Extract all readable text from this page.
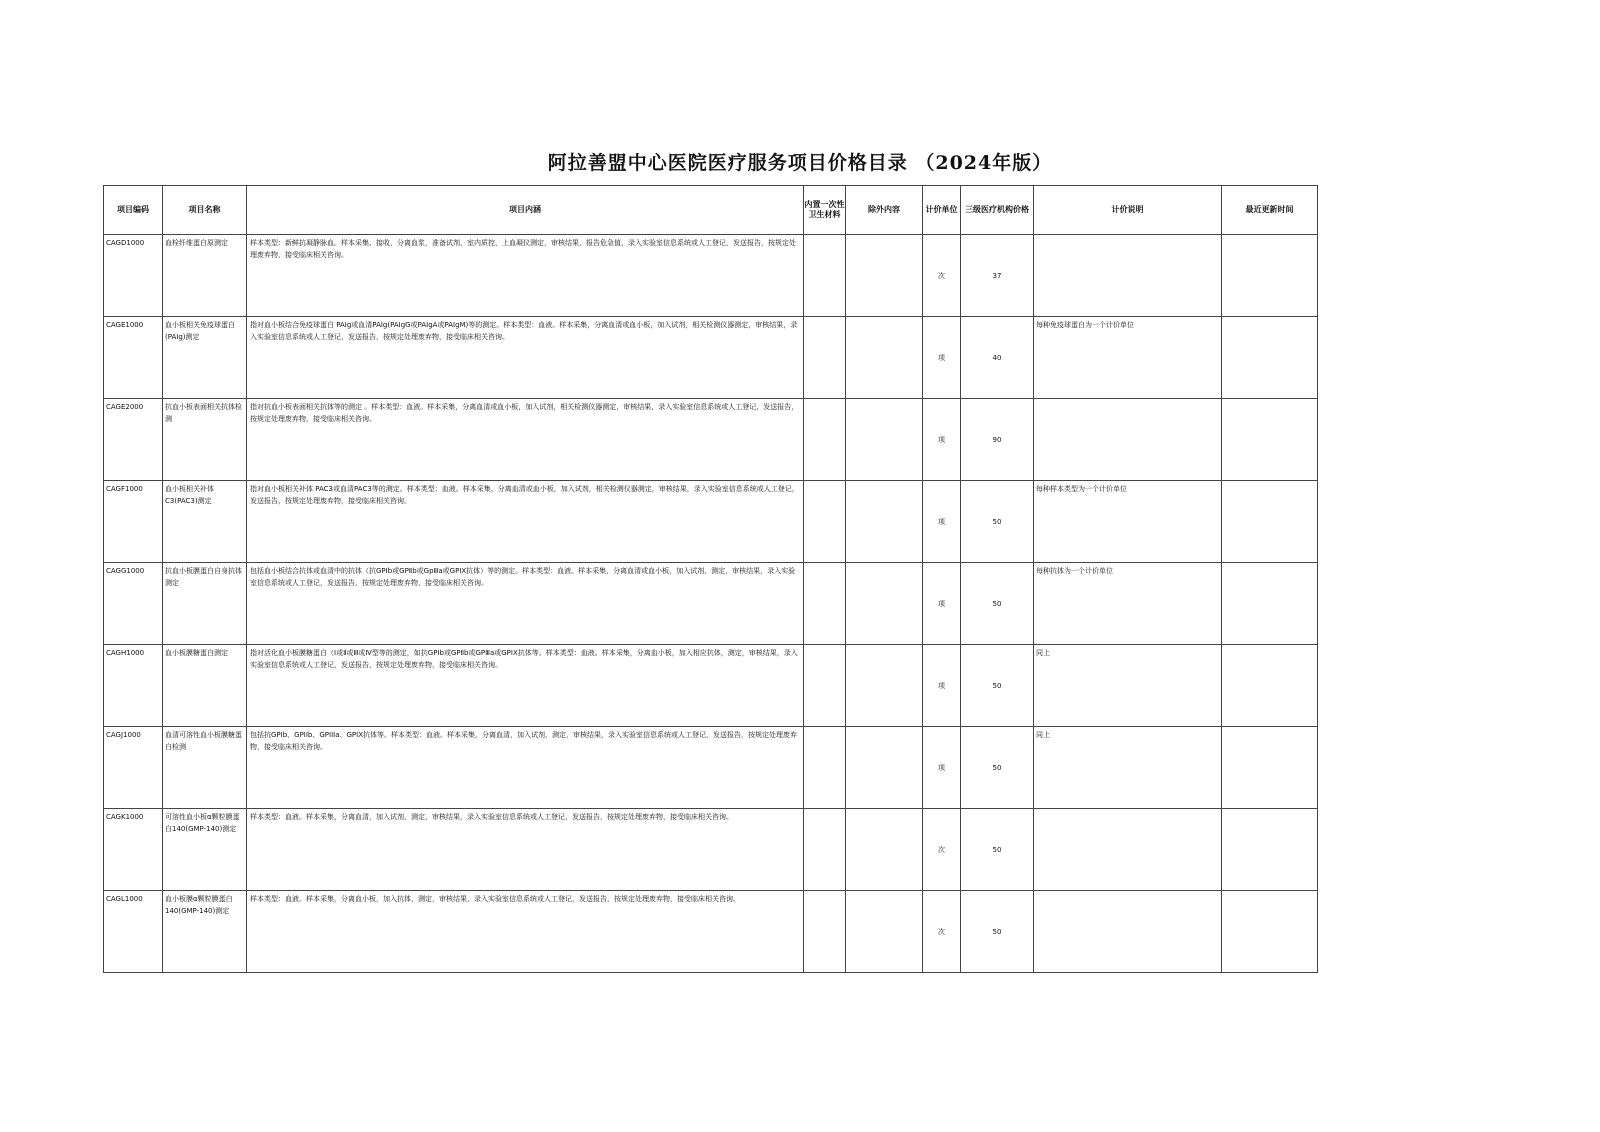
阿拉善盟中心医院医疗服务项目价格目录 （2024年版）
项目编码	项目名称	项目内涵	内置一次性卫生材料	除外内容	计价单位	三级医疗机构价格	计价说明	最近更新时间
CAGD1000	血栓纤维蛋白原测定	样本类型：新鲜抗凝静脉血。样本采集、接收，分离血浆，准备试剂，室内质控，上血凝仪测定，审核结果，报告危急值，录入实验室信息系统或人工登记，发送报告，按规定处理废弃物，接受临床相关咨询。			次	37		
CAGE1000	血小板相关免疫球蛋白(PAIg)测定	指对血小板结合免疫球蛋白 PAIg或血清PAIg(PAIgG或PAIgA或PAIgM)等的测定。样本类型：血液。样本采集，分离血清或血小板，加入试剂，相关检测仪器测定，审核结果，录入实验室信息系统或人工登记，发送报告，按规定处理废弃物，接受临床相关咨询。			项	40	每种免疫球蛋白为一个计价单位	
CAGE2000	抗血小板表面相关抗体检测	指对抗血小板表面相关抗体等的测定 。样本类型：血液。样本采集，分离血清或血小板，加入试剂，相关检测仪器测定，审核结果，录入实验室信息系统或人工登记，发送报告，按规定处理废弃物，接受临床相关咨询。			项	90		
CAGF1000	血小板相关补体C3(PAC3)测定	指对血小板相关补体 PAC3或血清PAC3等的测定。样本类型：血液。样本采集，分离血清或血小板，加入试剂，相关检测仪器测定，审核结果，录入实验室信息系统或人工登记，发送报告，按规定处理废弃物，接受临床相关咨询。			项	50	每种样本类型为一个计价单位	
CAGG1000	抗血小板膜蛋白自身抗体测定	包括血小板结合抗体或血清中的抗体（抗GPⅠb或GPⅡb或GpⅢa或GPIX抗体）等的测定。样本类型：血液。样本采集，分离血清或血小板，加入试剂，测定，审核结果，录入实验室信息系统或人工登记，发送报告，按规定处理废弃物，接受临床相关咨询。			项	50	每种抗体为一个计价单位	
CAGH1000	血小板膜糖蛋白测定	指对活化血小板膜糖蛋白（Ⅰ或Ⅱ或Ⅲ或Ⅳ型等的测定，如抗GPIb或GPⅡb或GPⅢa或GPIX抗体等。样本类型：血液。样本采集，分离血小板，加入相应抗体，测定，审核结果，录入实验室信息系统或人工登记，发送报告，按规定处理废弃物，接受临床相关咨询。			项	50	同上	
CAGJ1000	血清可溶性血小板膜糖蛋白检测	包括抗GPIb、GPIIb、GPIIIa、GPIX抗体等。样本类型：血液。样本采集，分离血清，加入试剂，测定，审核结果，录入实验室信息系统或人工登记，发送报告，按规定处理废弃物，接受临床相关咨询。			项	50	同上	
CAGK1000	可溶性血小板α颗粒膜蛋白140(GMP-140)测定	样本类型：血液。样本采集，分离血清，加入试剂，测定，审核结果，录入实验室信息系统或人工登记，发送报告，按规定处理废弃物，接受临床相关咨询。			次	50		
CAGL1000	血小板膜α颗粒膜蛋白140(GMP-140)测定	样本类型：血液。样本采集，分离血小板，加入抗体，测定，审核结果，录入实验室信息系统或人工登记，发送报告，按规定处理废弃物，接受临床相关咨询。			次	50		
